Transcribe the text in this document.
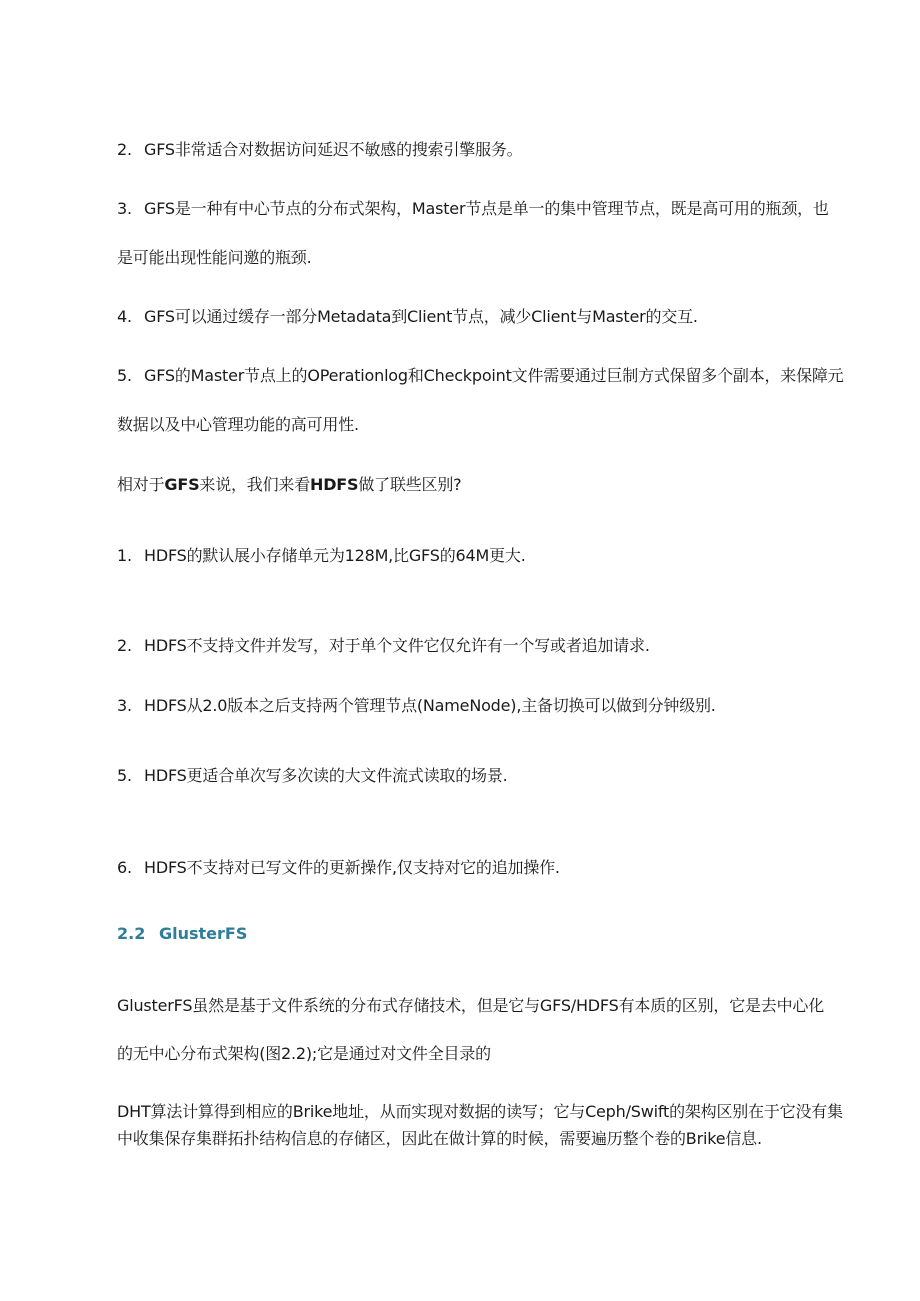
2. GFS非常适合对数据访问延迟不敏感的搜索引擎服务。
3. GFS是一种有中心节点的分布式架构，Master节点是单一的集中管理节点，既是高可用的瓶颈，也
是可能出现性能问邀的瓶颈.
4. GFS可以通过缓存一部分Metadata到Client节点，减少Client与Master的交互.
5. GFS的Master节点上的OPerationlog和Checkpoint文件需要通过巨制方式保留多个副本，来保障元
数据以及中心管理功能的高可用性.
相对于GFS来说，我们来看HDFS做了联些区别?
1. HDFS的默认展小存储单元为128M,比GFS的64M更大.
2. HDFS不支持文件并发写，对于单个文件它仅允许有一个写或者追加请求.
3. HDFS从2.0版本之后支持两个管理节点(NameNode),主备切换可以做到分钟级别.
5. HDFS更适合单次写多次读的大文件流式读取的场景.
6. HDFS不支持对已写文件的更新操作,仅支持对它的追加操作.
2.2 GlusterFS
GlusterFS虽然是基于文件系统的分布式存储技术，但是它与GFS/HDFS有本质的区别，它是去中心化
的无中心分布式架构(图2.2);它是通过对文件全目录的
DHT算法计算得到相应的Brike地址，从而实现对数据的读写；它与Ceph/Swift的架构区别在于它没有集
中收集保存集群拓扑结构信息的存储区，因此在做计算的时候，需要遍历整个卷的Brike信息.
